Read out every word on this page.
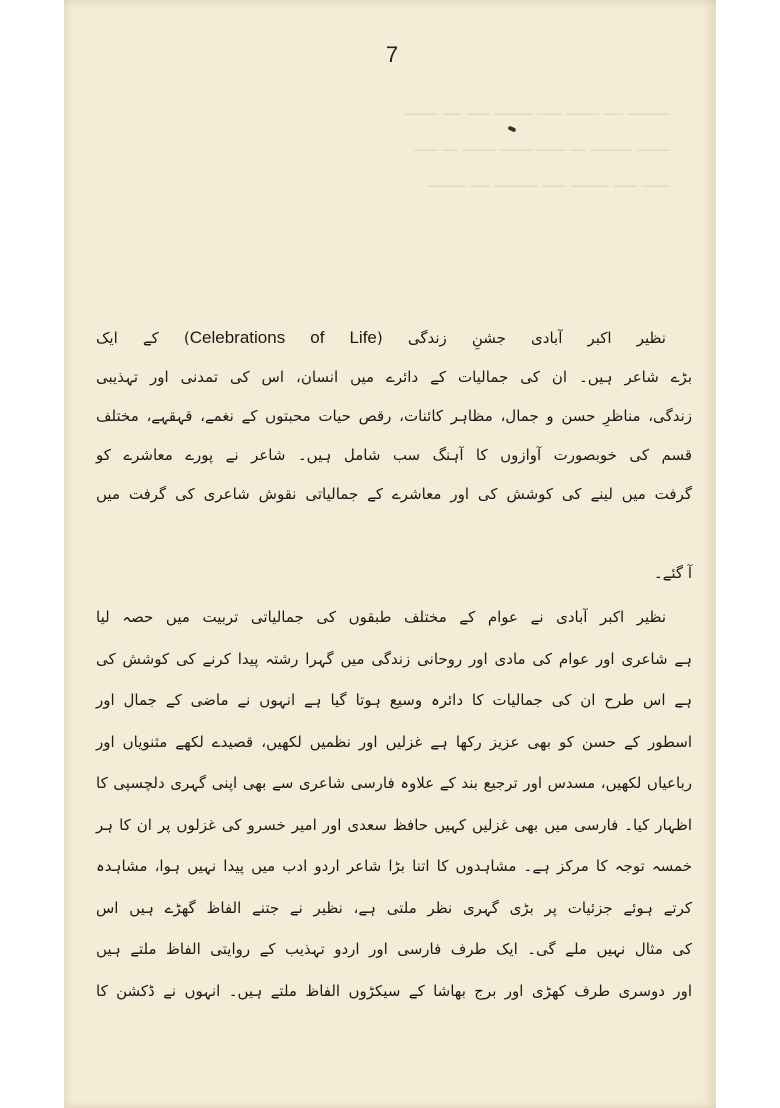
7
ـــــــــ ــــ ـــــــ ـــــ ــــــــ ـــــ ــــ ـــــــ
ـــــــ ـــــــــ ـــ ــــــ ـــــــ ـــــــ ـــ ـــــ
ــــــ ـــــ ــــــــ ـــــ ـــــــــ ــــ ــــــــ
نظیر اکبر آبادی جشنِ زندگی (Celebrations of Life) کے ایک
بڑے شاعر ہیں۔ ان کی جمالیات کے دائرے میں انسان، اس کی تمدنی اور تہذیبی
زندگی، مناظرِ حسن و جمال، مظاہر کائنات، رقص حیات محبتوں کے نغمے، قہقہے، مختلف
قسم کی خوبصورت آوازوں کا آہنگ سب شامل ہیں۔ شاعر نے پورے معاشرے کو
گرفت میں لینے کی کوشش کی اور معاشرے کے جمالیاتی نقوش شاعری کی گرفت میں
آ گئے۔
نظیر اکبر آبادی نے عوام کے مختلف طبقوں کی جمالیاتی تربیت میں حصہ لیا
ہے شاعری اور عوام کی مادی اور روحانی زندگی میں گہرا رشتہ پیدا کرنے کی کوشش کی
ہے اس طرح ان کی جمالیات کا دائرہ وسیع ہوتا گیا ہے انہوں نے ماضی کے جمال اور
اسطور کے حسن کو بھی عزیز رکھا ہے غزلیں اور نظمیں لکھیں، قصیدے لکھے مثنویاں اور
رباعیاں لکھیں، مسدس اور ترجیع بند کے علاوہ فارسی شاعری سے بھی اپنی گہری دلچسپی کا
اظہار کیا۔ فارسی میں بھی غزلیں کہیں حافظ سعدی اور امیر خسرو کی غزلوں پر ان کا ہر
خمسہ توجہ کا مرکز ہے۔ مشاہدوں کا اتنا بڑا شاعر اردو ادب میں پیدا نہیں ہوا، مشاہدہ
کرتے ہوئے جزئیات پر بڑی گہری نظر ملتی ہے، نظیر نے جتنے الفاظ گھڑے ہیں اس
کی مثال نہیں ملے گی۔ ایک طرف فارسی اور اردو تہذیب کے روایتی الفاظ ملتے ہیں
اور دوسری طرف کھڑی اور برج بھاشا کے سیکڑوں الفاظ ملتے ہیں۔ انہوں نے ڈکشن کا
